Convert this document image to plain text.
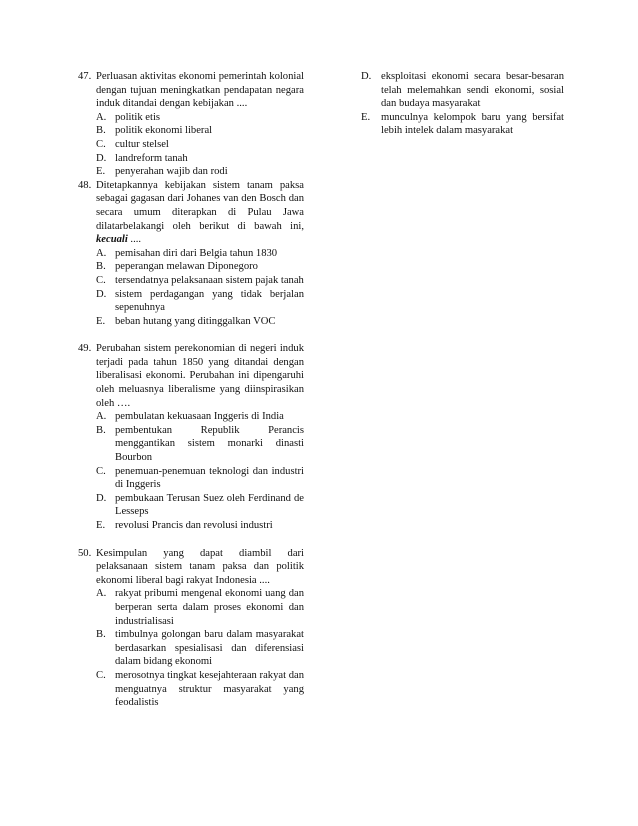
47. Perluasan aktivitas ekonomi pemerintah kolonial dengan tujuan meningkatkan pendapatan negara induk ditandai dengan kebijakan ....
A. politik etis
B. politik ekonomi liberal
C. cultur stelsel
D. landreform tanah
E. penyerahan wajib dan rodi
48. Ditetapkannya kebijakan sistem tanam paksa sebagai gagasan dari Johanes van den Bosch dan secara umum diterapkan di Pulau Jawa dilatarbelakangi oleh berikut di bawah ini, kecuali ....
A. pemisahan diri dari Belgia tahun 1830
B. peperangan melawan Diponegoro
C. tersendatnya pelaksanaan sistem pajak tanah
D. sistem perdagangan yang tidak berjalan sepenuhnya
E. beban hutang yang ditinggalkan VOC
49. Perubahan sistem perekonomian di negeri induk terjadi pada tahun 1850 yang ditandai dengan liberalisasi ekonomi. Perubahan ini dipengaruhi oleh meluasnya liberalisme yang diinspirasikan oleh ….
A. pembulatan kekuasaan Inggeris di India
B. pembentukan Republik Perancis menggantikan sistem monarki dinasti Bourbon
C. penemuan-penemuan teknologi dan industri di Inggeris
D. pembukaan Terusan Suez oleh Ferdinand de Lesseps
E. revolusi Prancis dan revolusi industri
50. Kesimpulan yang dapat diambil dari pelaksanaan sistem tanam paksa dan politik ekonomi liberal bagi rakyat Indonesia ....
A. rakyat pribumi mengenal ekonomi uang dan berperan serta dalam proses ekonomi dan industrialisasi
B. timbulnya golongan baru dalam masyarakat berdasarkan spesialisasi dan diferensiasi dalam bidang ekonomi
C. merosotnya tingkat kesejahteraan rakyat dan menguatnya struktur masyarakat yang feodalistis
D. eksploitasi ekonomi secara besar-besaran telah melemahkan sendi ekonomi, sosial dan budaya masyarakat
E.	munculnya kelompok baru yang bersifat lebih intelek dalam masyarakat
